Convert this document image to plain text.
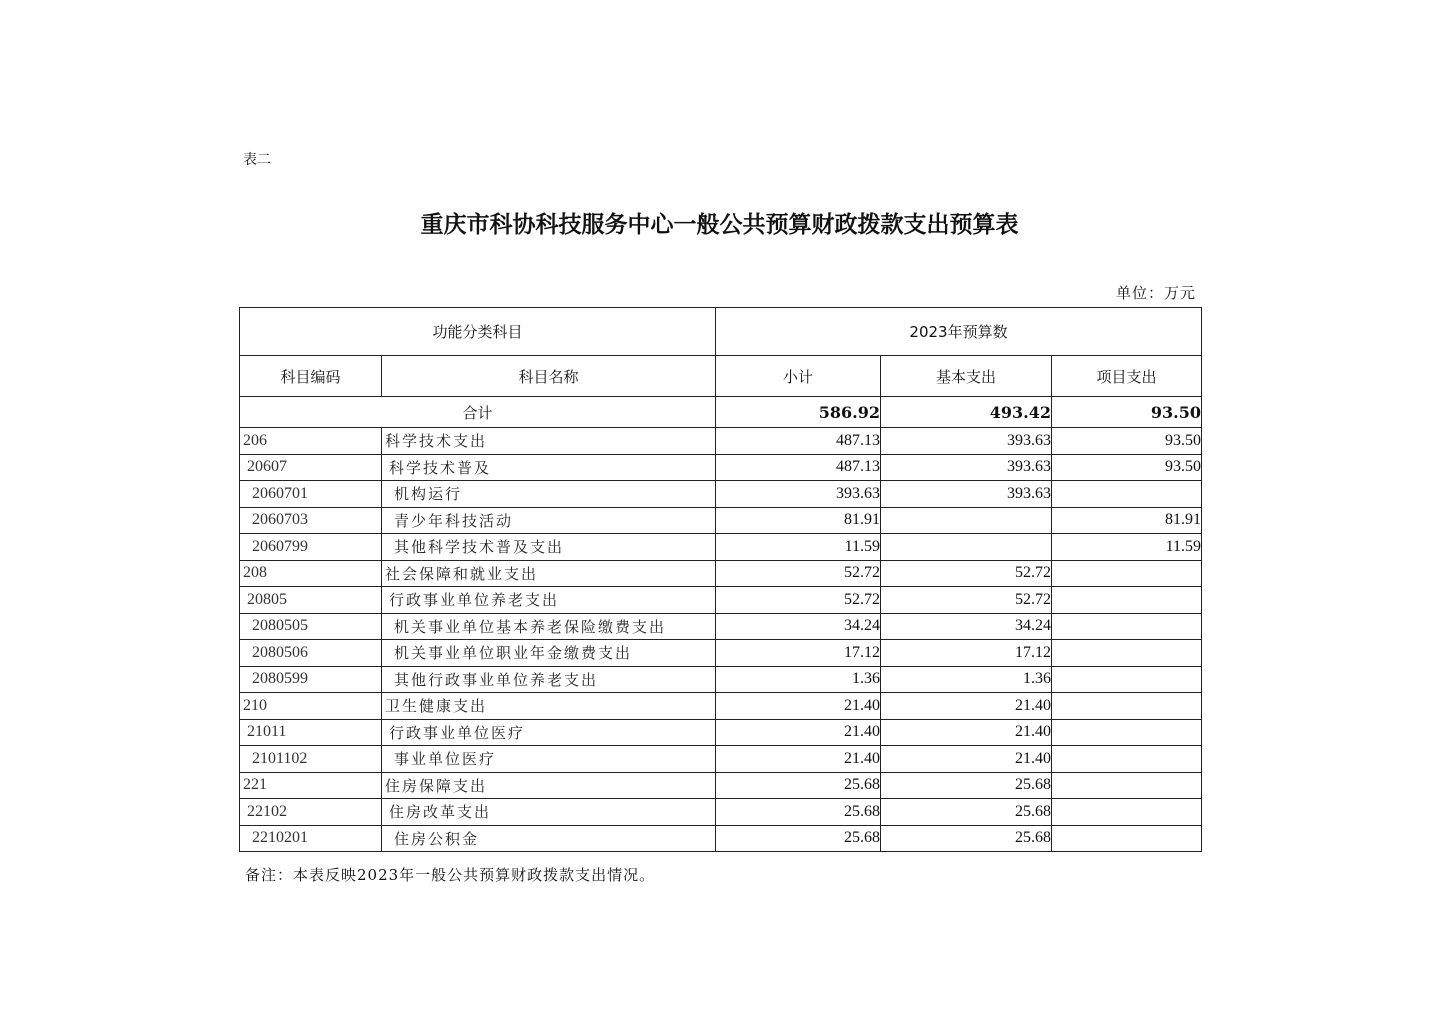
表二
重庆市科协科技服务中心一般公共预算财政拨款支出预算表
单位：万元
功能分类科目		2023年预算数		
科目编码	科目名称	小计	基本支出	项目支出
合计		586.92	493.42	93.50
206	科学技术支出	487.13	393.63	93.50
20607	科学技术普及	487.13	393.63	93.50
2060701	机构运行	393.63	393.63	
2060703	青少年科技活动	81.91		81.91
2060799	其他科学技术普及支出	11.59		11.59
208	社会保障和就业支出	52.72	52.72	
20805	行政事业单位养老支出	52.72	52.72	
2080505	机关事业单位基本养老保险缴费支出	34.24	34.24	
2080506	机关事业单位职业年金缴费支出	17.12	17.12	
2080599	其他行政事业单位养老支出	1.36	1.36	
210	卫生健康支出	21.40	21.40	
21011	行政事业单位医疗	21.40	21.40	
2101102	事业单位医疗	21.40	21.40	
221	住房保障支出	25.68	25.68	
22102	住房改革支出	25.68	25.68	
2210201	住房公积金	25.68	25.68	
备注：本表反映2023年一般公共预算财政拨款支出情况。
